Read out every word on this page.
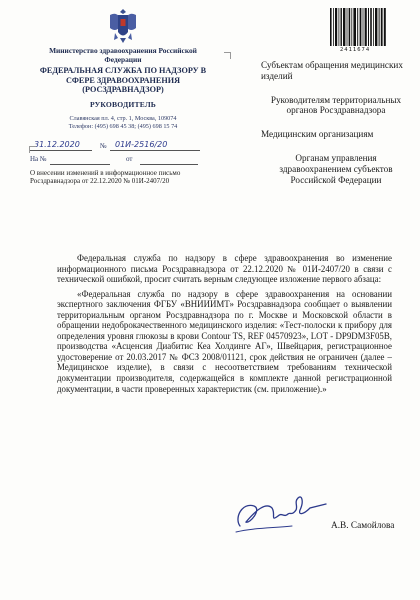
Министерство здравоохранения Российской Федерации
ФЕДЕРАЛЬНАЯ СЛУЖБА ПО НАДЗОРУ В СФЕРЕ ЗДРАВООХРАНЕНИЯ (РОСЗДРАВНАДЗОР)
РУКОВОДИТЕЛЬ
Славянская пл. 4, стр. 1, Москва, 109074
Телефон: (495) 698 45 38; (495) 698 15 74
31.12.2020	№ 01И-2516/20
На №	от
О внесении изменений в информационное письмо Росздравнадзора от 22.12.2020 № 01И-2407/20
2411674
Субъектам обращения медицинских изделий
Руководителям территориальных органов Росздравнадзора
Медицинским организациям
Органам управления здравоохранением субъектов Российской Федерации

Федеральная служба по надзору в сфере здравоохранения во изменение информационного письма Росздравнадзора от 22.12.2020 № 01И-2407/20 в связи с технической ошибкой, просит считать верным следующее изложение первого абзаца:

«Федеральная служба по надзору в сфере здравоохранения на основании экспертного заключения ФГБУ «ВНИИИМТ» Росздравнадзора сообщает о выявлении территориальным органом Росздравнадзора по г. Москве и Московской области в обращении недоброкачественного медицинского изделия: «Тест-полоски к прибору для определения уровня глюкозы в крови Contour TS, REF 04570923», LOT - DP9DM3F05B, производства «Асценсия Диабитис Кеа Холдинге АГ», Швейцария, регистрационное удостоверение от 20.03.2017 № ФСЗ 2008/01121, срок действия не ограничен (далее – Медицинское изделие), в связи с несоответствием требованиям технической документации производителя, содержащейся в комплекте данной регистрационной документации, в части проверенных характеристик (см. приложение).»

А.В. Самойлова
